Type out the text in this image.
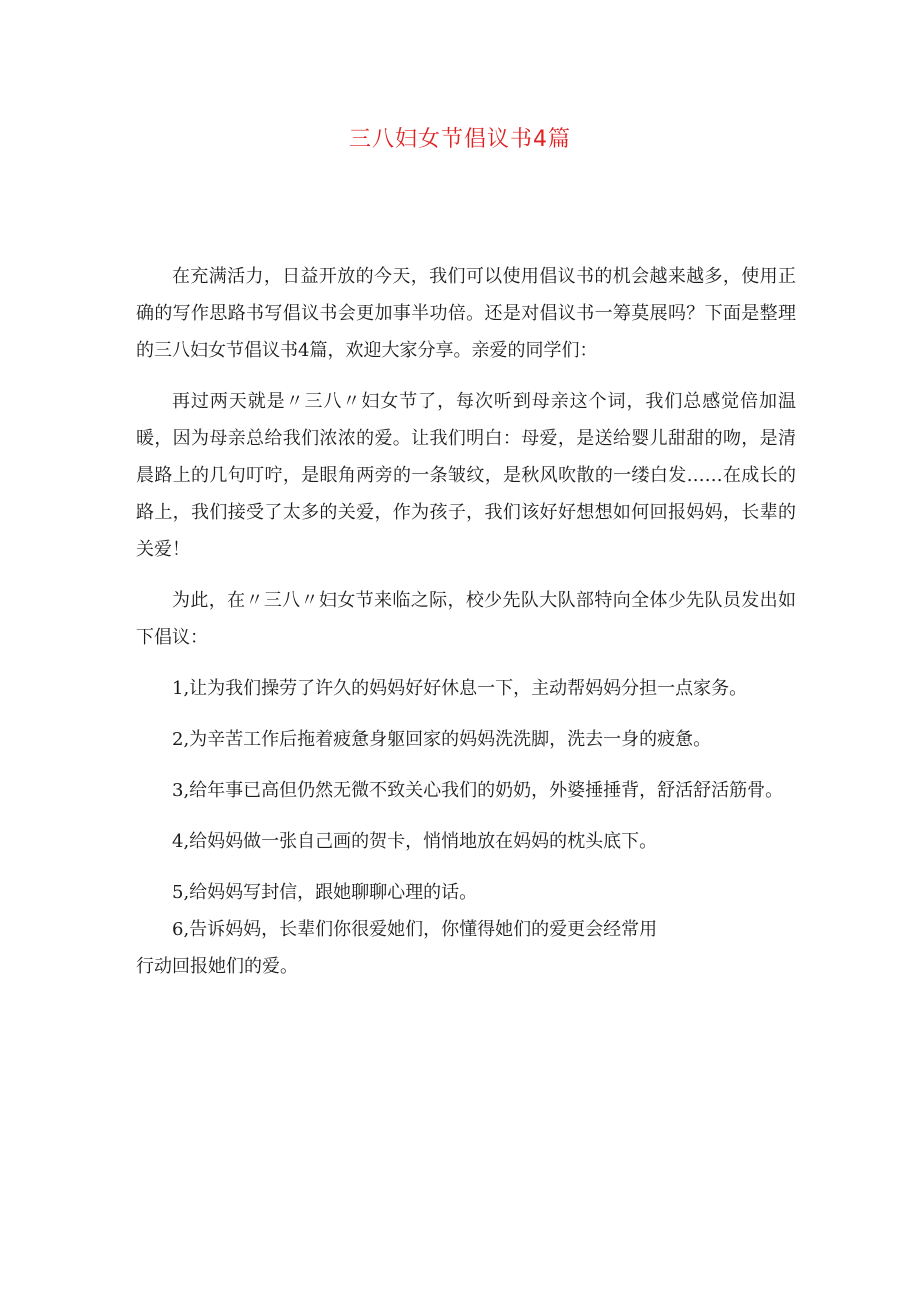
三八妇女节倡议书4篇

在充满活力，日益开放的今天，我们可以使用倡议书的机会越来越多，使用正确的写作思路书写倡议书会更加事半功倍。还是对倡议书一筹莫展吗？下面是整理的三八妇女节倡议书4篇，欢迎大家分享。亲爱的同学们：

再过两天就是〃三八〃妇女节了，每次听到母亲这个词，我们总感觉倍加温暖，因为母亲总给我们浓浓的爱。让我们明白：母爱，是送给婴儿甜甜的吻，是清晨路上的几句叮咛，是眼角两旁的一条皱纹，是秋风吹散的一缕白发……在成长的路上，我们接受了太多的关爱，作为孩子，我们该好好想想如何回报妈妈，长辈的关爱！

为此，在〃三八〃妇女节来临之际，校少先队大队部特向全体少先队员发出如下倡议：

1,让为我们操劳了许久的妈妈好好休息一下，主动帮妈妈分担一点家务。

2,为辛苦工作后拖着疲惫身躯回家的妈妈洗洗脚，洗去一身的疲惫。

3,给年事已高但仍然无微不致关心我们的奶奶，外婆捶捶背，舒活舒活筋骨。

4,给妈妈做一张自己画的贺卡，悄悄地放在妈妈的枕头底下。

5,给妈妈写封信，跟她聊聊心理的话。

6,告诉妈妈，长辈们你很爱她们，你懂得她们的爱更会经常用

行动回报她们的爱。
